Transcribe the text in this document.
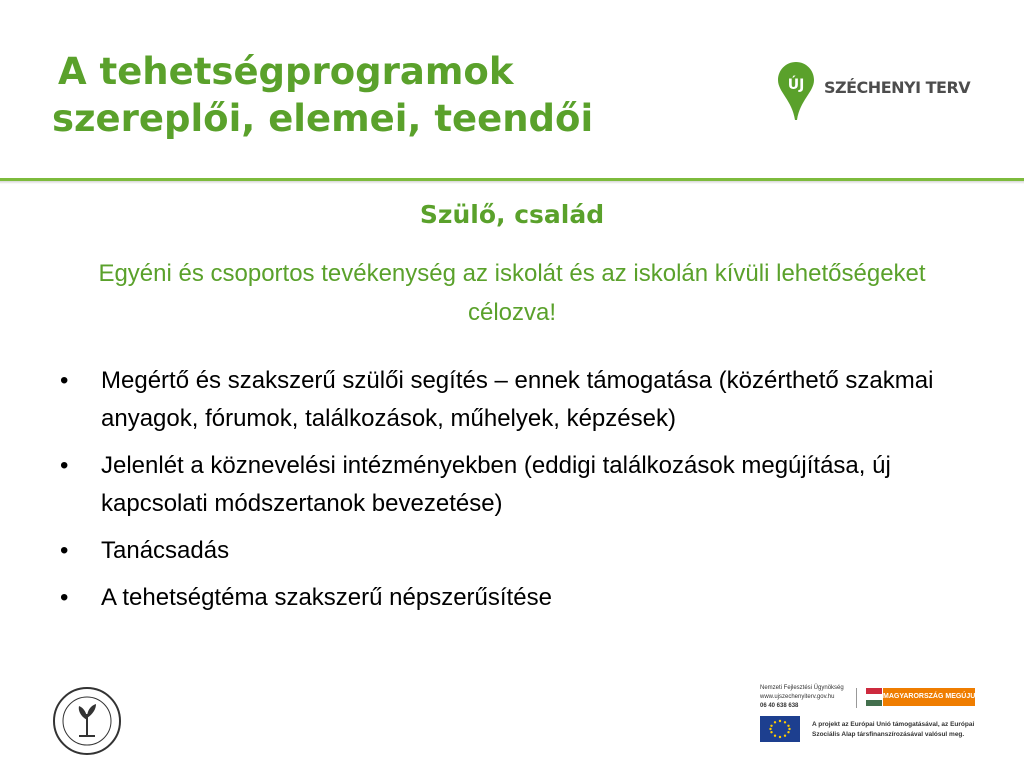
A tehetségprogramok
szereplői, elemei, teendői
ÚJ	SZÉCHENYI TERV
Szülő, család
Egyéni és csoportos tevékenység az iskolát és az iskolán kívüli lehetőségeket célozva!
• Megértő és szakszerű szülői segítés – ennek támogatása (közérthető szakmai anyagok, fórumok, találkozások, műhelyek, képzések)
• Jelenlét a köznevelési intézményekben (eddigi találkozások megújítása, új kapcsolati módszertanok bevezetése)
• Tanácsadás
• A tehetségtéma szakszerű népszerűsítése
Nemzeti Fejlesztési Ügynökség
www.ujszechenyiterv.gov.hu
06 40 638 638
MAGYARORSZÁG MEGÚJUL
A projekt az Európai Unió támogatásával, az Európai Szociális Alap társfinanszírozásával valósul meg.
